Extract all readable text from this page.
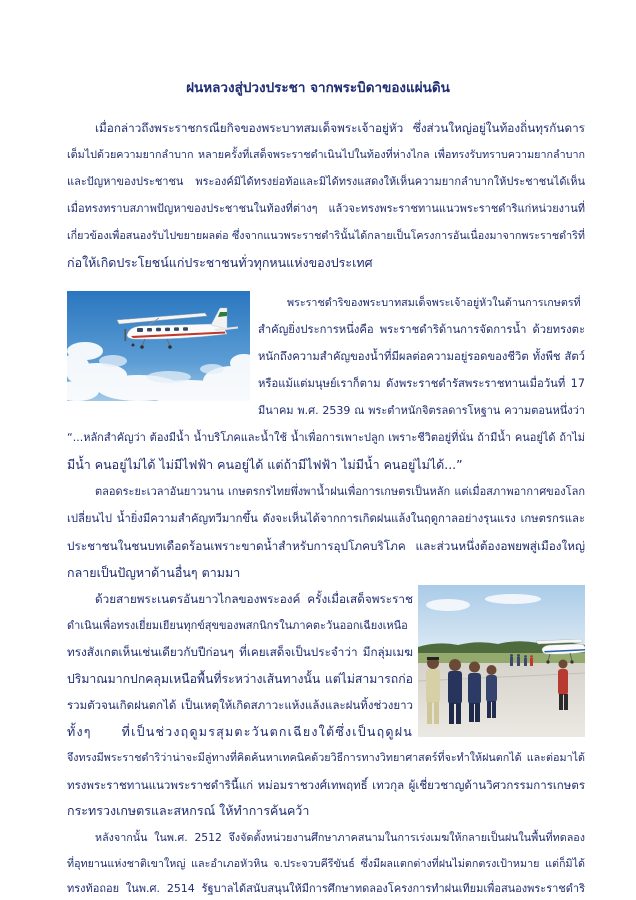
ฝนหลวงสู่ปวงประชา จากพระบิดาของแผ่นดิน
เมื่อกล่าวถึงพระราชกรณียกิจของพระบาทสมเด็จพระเจ้าอยู่หัว ซึ่งส่วนใหญ่อยู่ในท้องถิ่นทุรกันดาร
เต็มไปด้วยความยากลำบาก หลายครั้งที่เสด็จพระราชดำเนินไปในท้องที่ห่างไกล เพื่อทรงรับทราบความยากลำบาก
และปัญหาของประชาชน พระองค์มิได้ทรงย่อท้อและมิได้ทรงแสดงให้เห็นความยากลำบากให้ประชาชนได้เห็น
เมื่อทรงทราบสภาพปัญหาของประชาชนในท้องที่ต่างๆ แล้วจะทรงพระราชทานแนวพระราชดำริแก่หน่วยงานที่
เกี่ยวข้องเพื่อสนองรับไปขยายผลต่อ ซึ่งจากแนวพระราชดำรินั้นได้กลายเป็นโครงการอันเนื่องมาจากพระราชดำริที่
ก่อให้เกิดประโยชน์แก่ประชาชนทั่วทุกหนแห่งของประเทศ
พระราชดำริของพระบาทสมเด็จพระเจ้าอยู่หัวในด้านการเกษตรที่
สำคัญยิ่งประการหนึ่งคือ พระราชดำริด้านการจัดการน้ำ ด้วยทรงตะ
หนักถึงความสำคัญของน้ำที่มีผลต่อความอยู่รอดของชีวิต ทั้งพืช สัตว์
หรือแม้แต่มนุษย์เราก็ตาม ดังพระราชดำรัสพระราชทานเมื่อวันที่ 17
มีนาคม พ.ศ. 2539 ณ พระตำหนักจิตรลดารโหฐาน ความตอนหนึ่งว่า
“...หลักสำคัญว่า ต้องมีน้ำ น้ำบริโภคและน้ำใช้ น้ำเพื่อการเพาะปลูก เพราะชีวิตอยู่ที่นั่น ถ้ามีน้ำ คนอยู่ได้ ถ้าไม่
มีน้ำ คนอยู่ไม่ได้ ไม่มีไฟฟ้า คนอยู่ได้ แต่ถ้ามีไฟฟ้า ไม่มีน้ำ คนอยู่ไม่ได้...”
ตลอดระยะเวลาอันยาวนาน เกษตรกรไทยพึ่งพาน้ำฝนเพื่อการเกษตรเป็นหลัก แต่เมื่อสภาพอากาศของโลก
เปลี่ยนไป น้ำยิ่งมีความสำคัญทวีมากขึ้น ดังจะเห็นได้จากการเกิดฝนแล้งในฤดูกาลอย่างรุนแรง เกษตรกรและ
ประชาชนในชนบทเดือดร้อนเพราะขาดน้ำสำหรับการอุปโภคบริโภค และส่วนหนึ่งต้องอพยพสู่เมืองใหญ่
กลายเป็นปัญหาด้านอื่นๆ ตามมา
ด้วยสายพระเนตรอันยาวไกลของพระองค์ ครั้งเมื่อเสด็จพระราช
ดำเนินเพื่อทรงเยี่ยมเยียนทุกข์สุขของพสกนิกรในภาคตะวันออกเฉียงเหนือ
ทรงสังเกตเห็นเช่นเดียวกับปีก่อนๆ ที่เคยเสด็จเป็นประจำว่า มีกลุ่มเมฆ
ปริมาณมากปกคลุมเหนือพื้นที่ระหว่างเส้นทางนั้น แต่ไม่สามารถก่อ
รวมตัวจนเกิดฝนตกได้ เป็นเหตุให้เกิดสภาวะแห้งแล้งและฝนทิ้งช่วงยาว
ทั้งๆ ที่เป็นช่วงฤดูมรสุมตะวันตกเฉียงใต้ซึ่งเป็นฤดูฝน
จึงทรงมีพระราชดำริว่าน่าจะมีลู่ทางที่คิดค้นหาเทคนิคด้วยวิธีการทางวิทยาศาสตร์ที่จะทำให้ฝนตกได้ และต่อมาได้
ทรงพระราชทานแนวพระราชดำรินี้แก่ หม่อมราชวงศ์เทพฤทธิ์ เทวกุล ผู้เชี่ยวชาญด้านวิศวกรรมการเกษตร
กระทรวงเกษตรและสหกรณ์ ให้ทำการค้นคว้า
หลังจากนั้น ในพ.ศ. 2512 จึงจัดตั้งหน่วยงานศึกษาภาคสนามในการเร่งเมฆให้กลายเป็นฝนในพื้นที่ทดลอง
ที่อุทยานแห่งชาติเขาใหญ่ และอำเภอหัวหิน จ.ประจวบคีรีขันธ์ ซึ่งมีผลแตกต่างที่ฝนไม่ตกตรงเป้าหมาย แต่ก็มิได้
ทรงท้อถอย ในพ.ศ. 2514 รัฐบาลได้สนับสนุนให้มีการศึกษาทดลองโครงการทำฝนเทียมเพื่อสนองพระราชดำริ
